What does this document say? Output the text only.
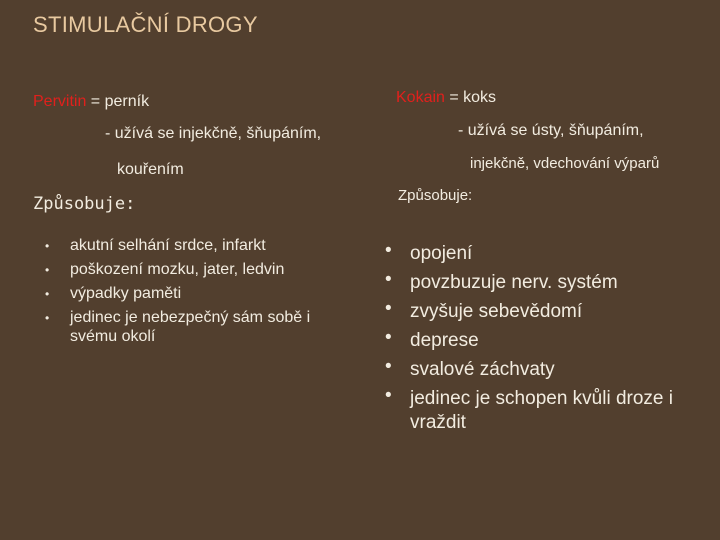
STIMULAČNÍ DROGY
Pervitin = perník
- užívá se injekčně, šňupáním,
kouřením
Způsobuje:
• akutní selhání srdce, infarkt
• poškození mozku, jater, ledvin
• výpadky paměti
• jedinec je nebezpečný sám sobě i svému okolí
Kokain = koks
- užívá se ústy, šňupáním,
injekčně, vdechování výparů
Způsobuje:
• opojení
• povzbuzuje nerv. systém
• zvyšuje sebevědomí
• deprese
• svalové záchvaty
• jedinec je schopen kvůli droze i vraždit
